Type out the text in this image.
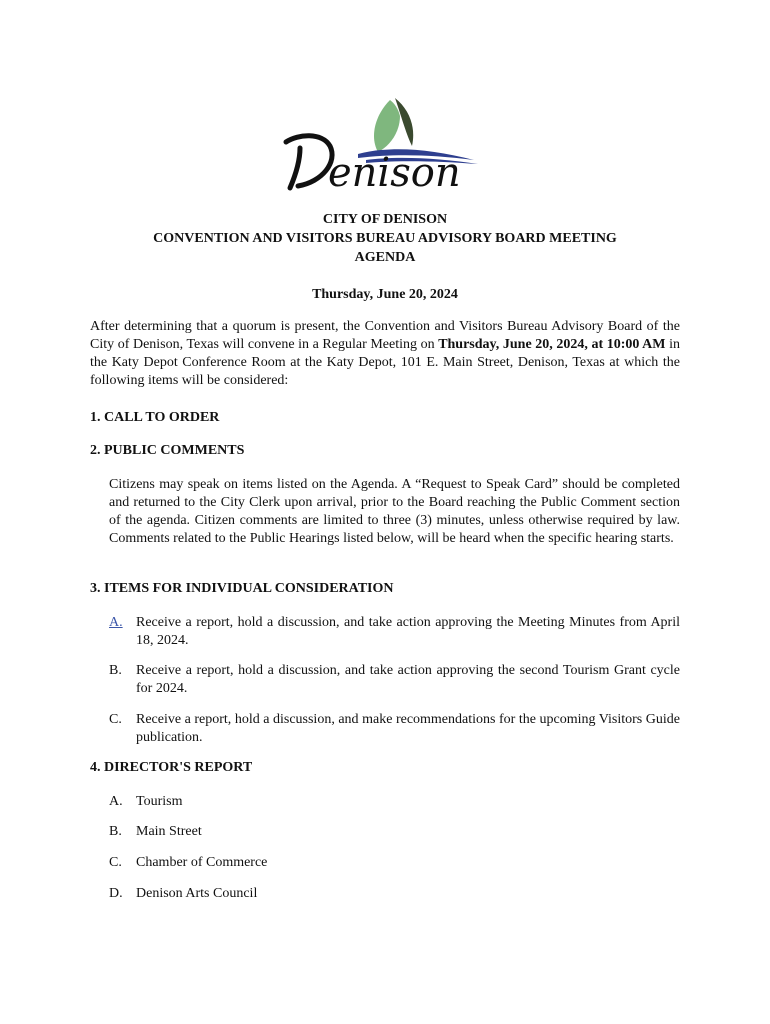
enison
CITY OF DENISON
CONVENTION AND VISITORS BUREAU ADVISORY BOARD MEETING
AGENDA
Thursday, June 20, 2024
After determining that a quorum is present, the Convention and Visitors Bureau Advisory Board of the City of Denison, Texas will convene in a Regular Meeting on Thursday, June 20, 2024, at 10:00 AM in the Katy Depot Conference Room at the Katy Depot, 101 E. Main Street, Denison, Texas at which the following items will be considered:
1. CALL TO ORDER
2. PUBLIC COMMENTS
Citizens may speak on items listed on the Agenda. A “Request to Speak Card” should be completed and returned to the City Clerk upon arrival, prior to the Board reaching the Public Comment section of the agenda. Citizen comments are limited to three (3) minutes, unless otherwise required by law. Comments related to the Public Hearings listed below, will be heard when the specific hearing starts.
3. ITEMS FOR INDIVIDUAL CONSIDERATION
A. Receive a report, hold a discussion, and take action approving the Meeting Minutes from April 18, 2024.
B. Receive a report, hold a discussion, and take action approving the second Tourism Grant cycle for 2024.
C. Receive a report, hold a discussion, and make recommendations for the upcoming Visitors Guide publication.
4. DIRECTOR'S REPORT
A. Tourism
B. Main Street
C. Chamber of Commerce
D. Denison Arts Council
